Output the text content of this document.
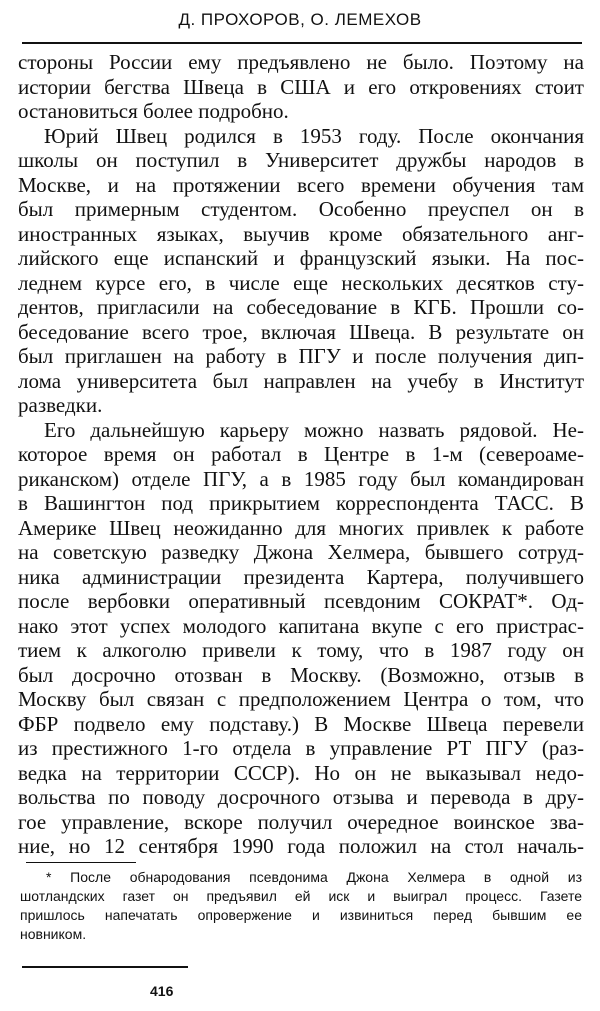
Д. ПРОХОРОВ, О. ЛЕМЕХОВ
стороны России ему предъявлено не было. Поэтому на
истории бегства Швеца в США и его откровениях стоит
остановиться более подробно.
Юрий Швец родился в 1953 году. После окончания
школы он поступил в Университет дружбы народов в
Москве, и на протяжении всего времени обучения там
был примерным студентом. Особенно преуспел он в
иностранных языках, выучив кроме обязательного анг-
лийского еще испанский и французский языки. На пос-
леднем курсе его, в числе еще нескольких десятков сту-
дентов, пригласили на собеседование в КГБ. Прошли со-
беседование всего трое, включая Швеца. В результате он
был приглашен на работу в ПГУ и после получения дип-
лома университета был направлен на учебу в Институт
разведки.
Его дальнейшую карьеру можно назвать рядовой. Не-
которое время он работал в Центре в 1-м (североаме-
риканском) отделе ПГУ, а в 1985 году был командирован
в Вашингтон под прикрытием корреспондента ТАСС. В
Америке Швец неожиданно для многих привлек к работе
на советскую разведку Джона Хелмера, бывшего сотруд-
ника администрации президента Картера, получившего
после вербовки оперативный псевдоним СОКРАТ*. Од-
нако этот успех молодого капитана вкупе с его пристрас-
тием к алкоголю привели к тому, что в 1987 году он
был досрочно отозван в Москву. (Возможно, отзыв в
Москву был связан с предположением Центра о том, что
ФБР подвело ему подставу.) В Москве Швеца перевели
из престижного 1-го отдела в управление РТ ПГУ (раз-
ведка на территории СССР). Но он не выказывал недо-
вольства по поводу досрочного отзыва и перевода в дру-
гое управление, вскоре получил очередное воинское зва-
ние, но 12 сентября 1990 года положил на стол началь-
* После обнародования псевдонима Джона Хелмера в одной из
шотландских газет он предъявил ей иск и выиграл процесс. Газете
пришлось напечатать опровержение и извиниться перед бывшим ее
новником.
416
